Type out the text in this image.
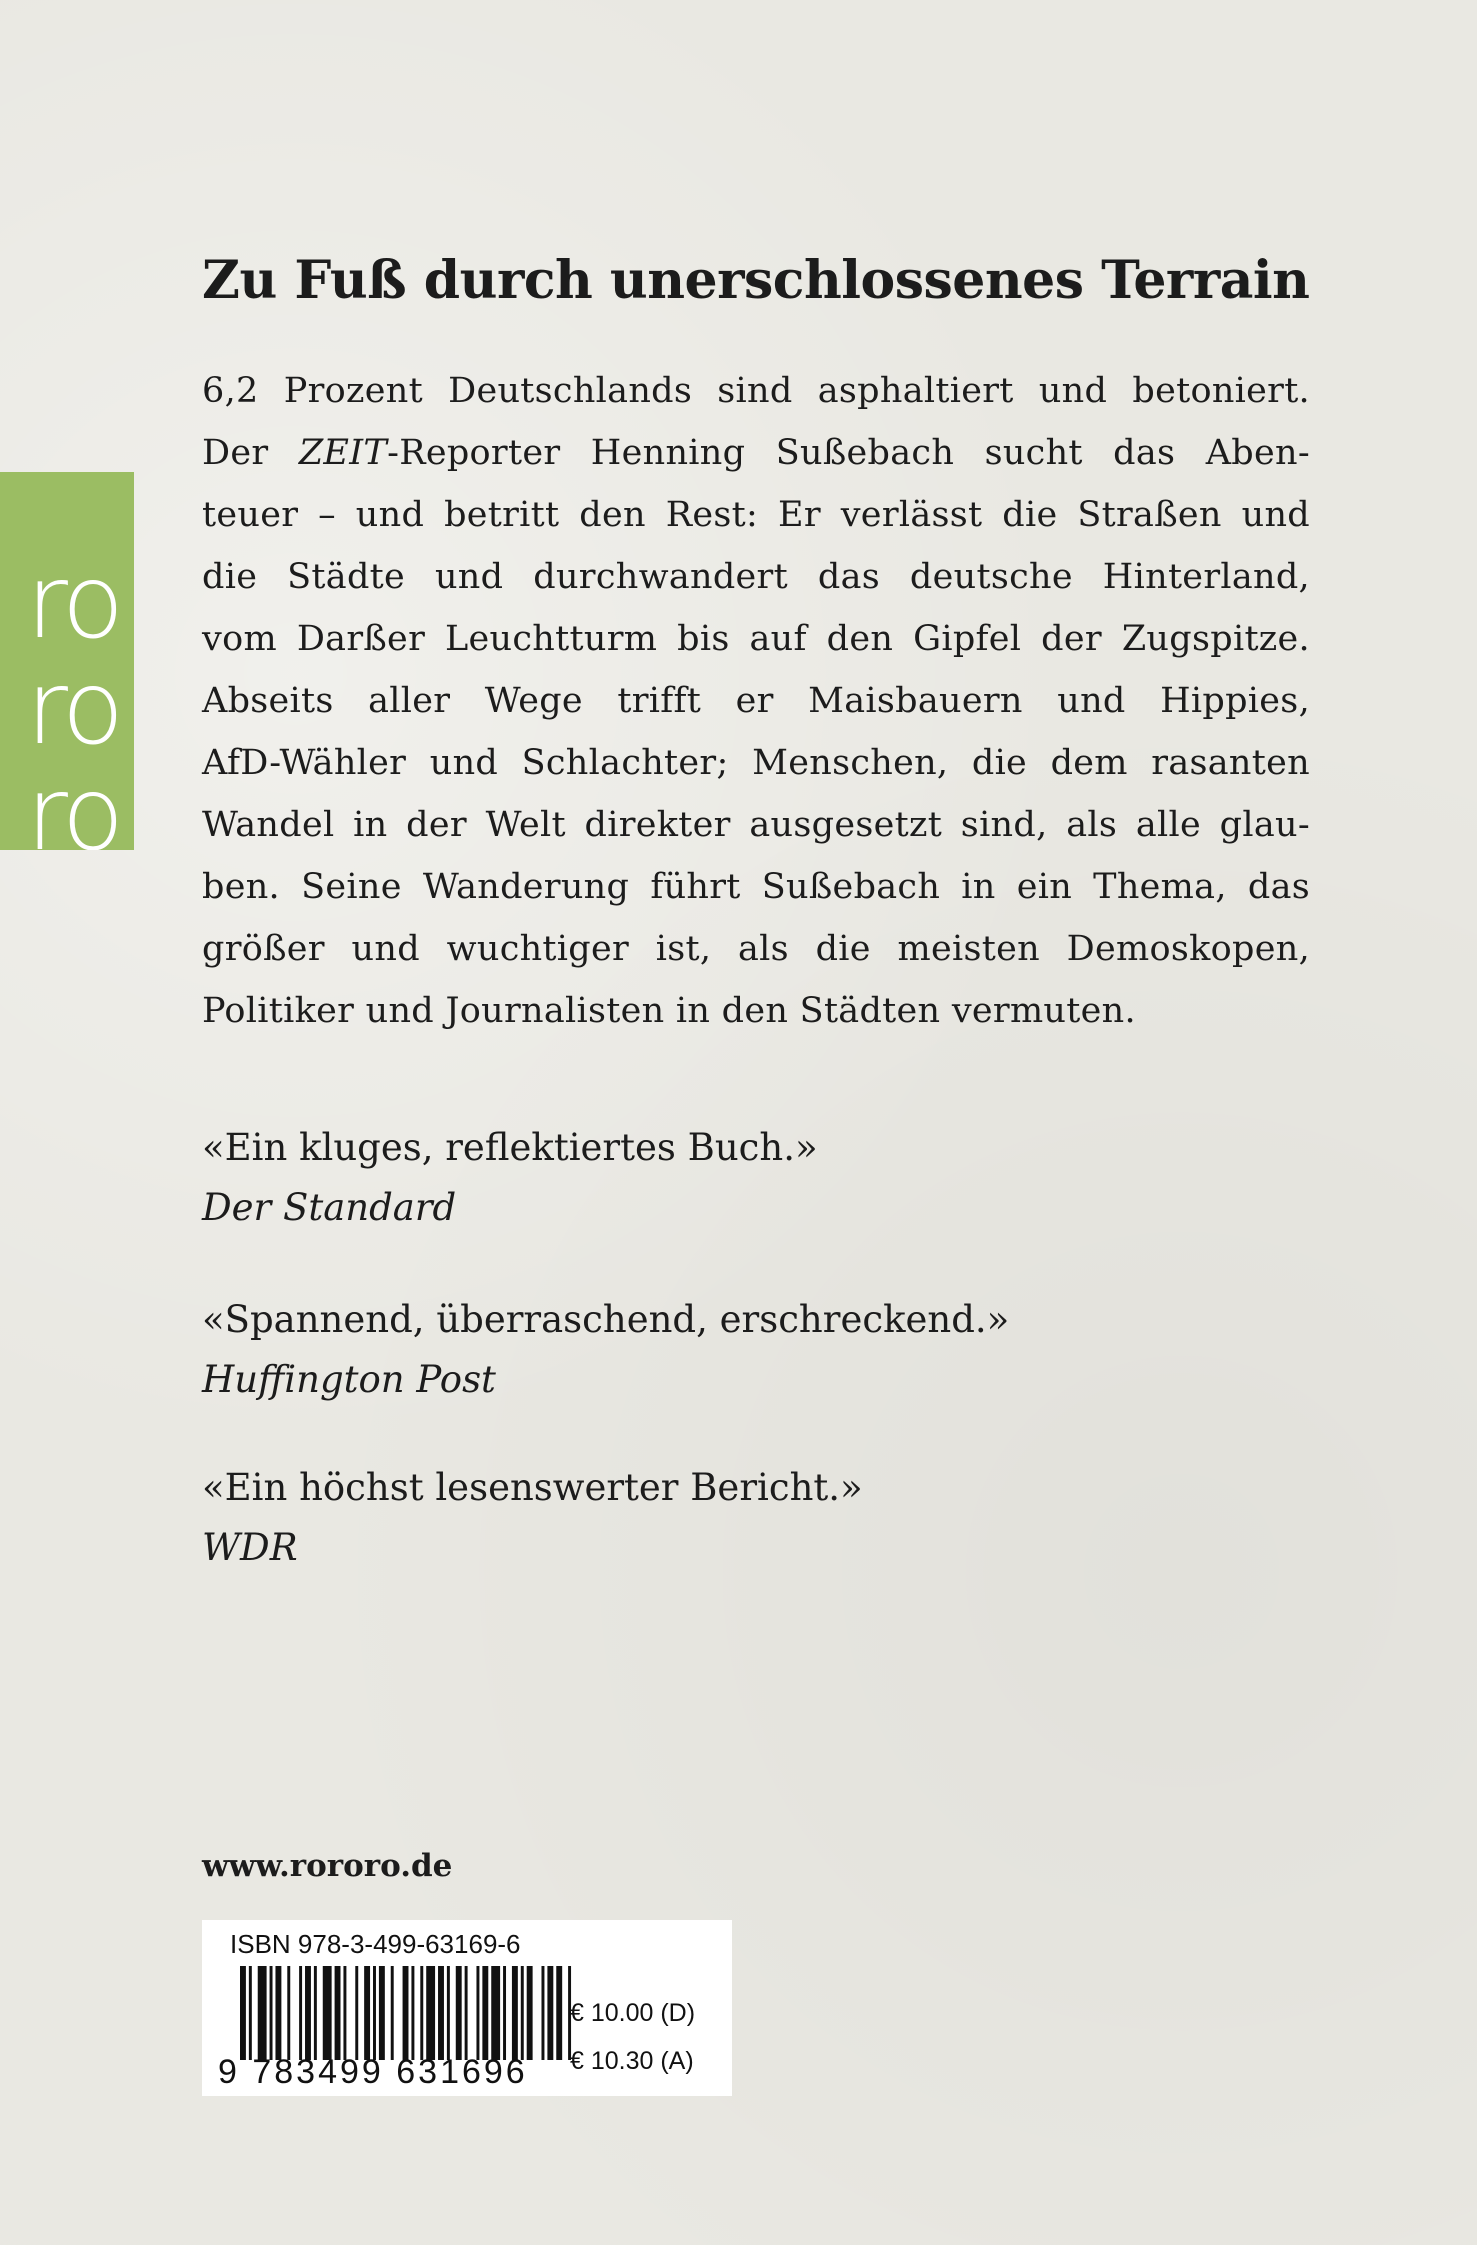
ro
ro
ro
Zu Fuß durch unerschlossenes Terrain
6,2 Prozent Deutschlands sind asphaltiert und betoniert.
Der ZEIT-Reporter Henning Sußebach sucht das Aben-
teuer – und betritt den Rest: Er verlässt die Straßen und
die Städte und durchwandert das deutsche Hinterland,
vom Darßer Leuchtturm bis auf den Gipfel der Zugspitze.
Abseits aller Wege trifft er Maisbauern und Hippies,
AfD-Wähler und Schlachter; Menschen, die dem rasanten
Wandel in der Welt direkter ausgesetzt sind, als alle glau-
ben. Seine Wanderung führt Sußebach in ein Thema, das
größer und wuchtiger ist, als die meisten Demoskopen,
Politiker und Journalisten in den Städten vermuten.
«Ein kluges, reflektiertes Buch.»
Der Standard
«Spannend, überraschend, erschreckend.»
Huffington Post
«Ein höchst lesenswerter Bericht.»
WDR
www.rororo.de
ISBN 978-3-499-63169-6
9 783499 631696
€ 10.00 (D)
€ 10.30 (A)
